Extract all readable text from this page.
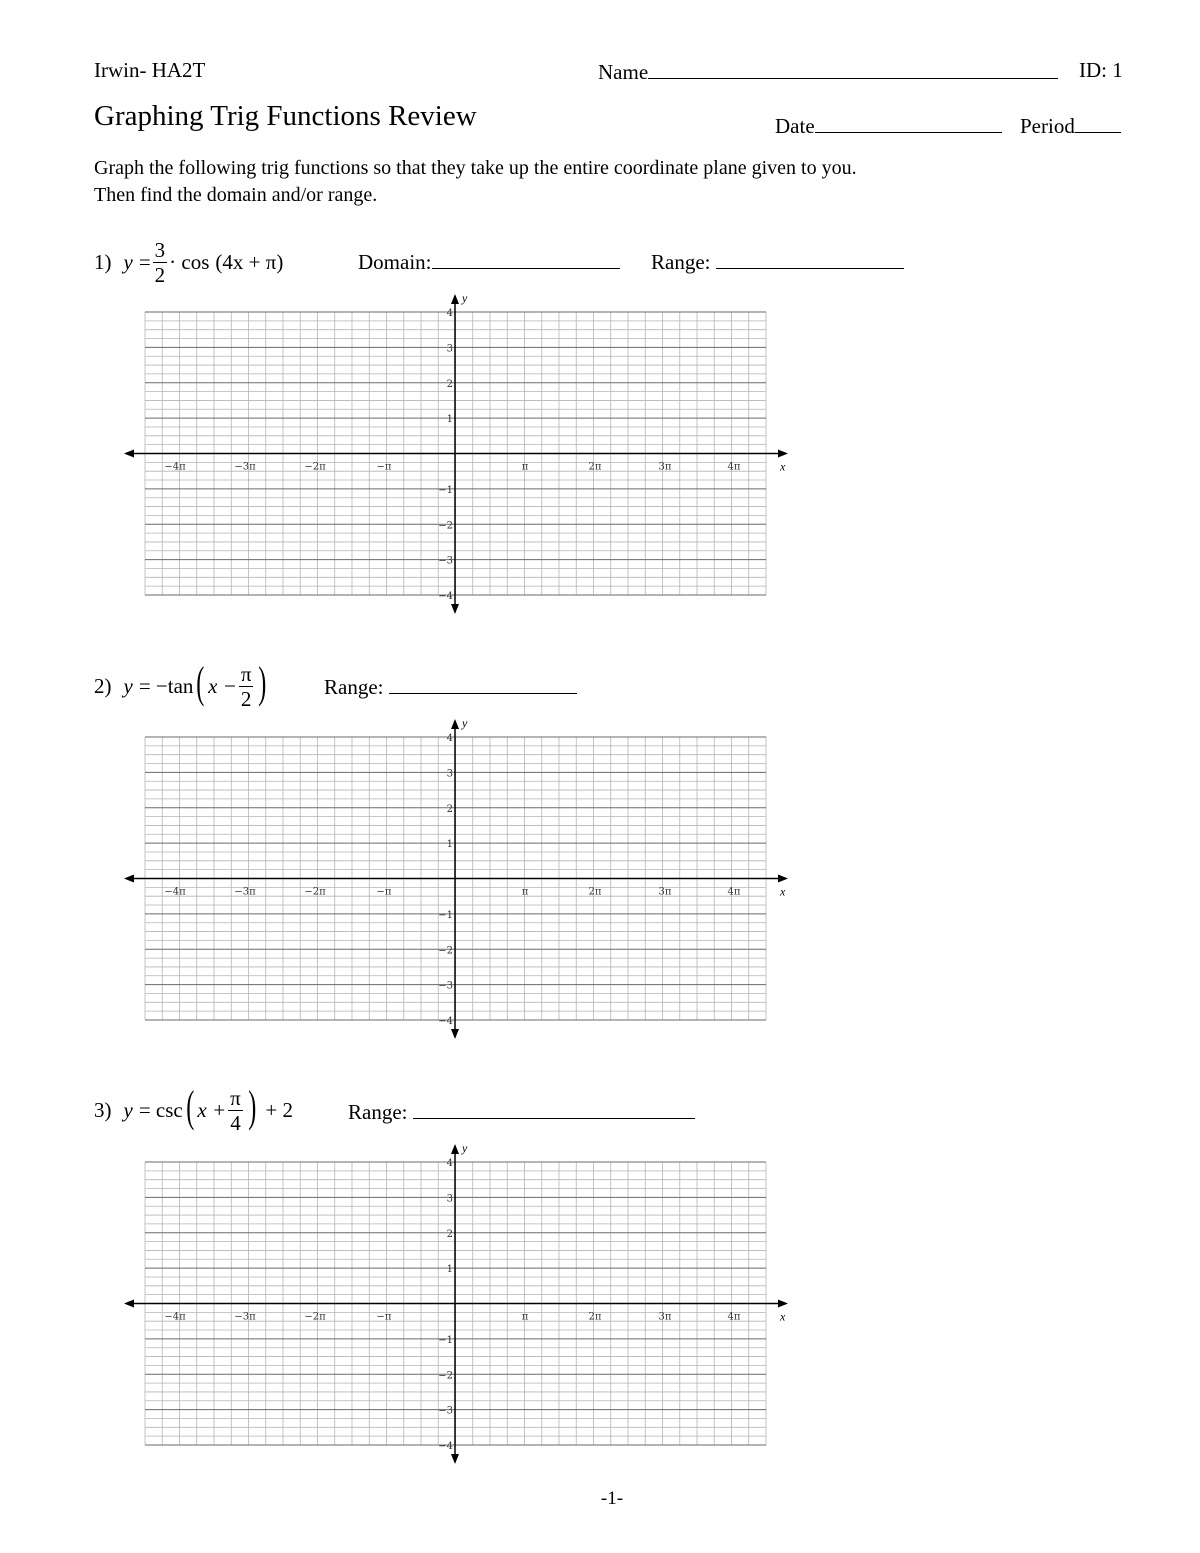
Irwin- HA2T	Name	ID: 1
Graphing Trig Functions Review	Date	Period
Graph the following trig functions so that they take up the entire coordinate plane given to you.
Then find the domain and/or range.
1) $y = \frac{3}{2} \cdot \cos (4x + \pi)$	Domain:	Range:
2) y = −tan ( $x - \frac{\pi}{2}$ )	Range:
3) y = csc ( $x + \frac{\pi}{4}$ ) + 2	Range:
x
y
−4π	−3π	−2π	−π	π	2π	3π	4π
4
3
2
1
−1
−2
−3
−4
x
y
−4π	−3π	−2π	−π	π	2π	3π	4π
4
3
2
1
−1
−2
−3
−4
x
y
−4π	−3π	−2π	−π	π	2π	3π	4π
4
3
2
1
−1
−2
−3
−4
-1-
